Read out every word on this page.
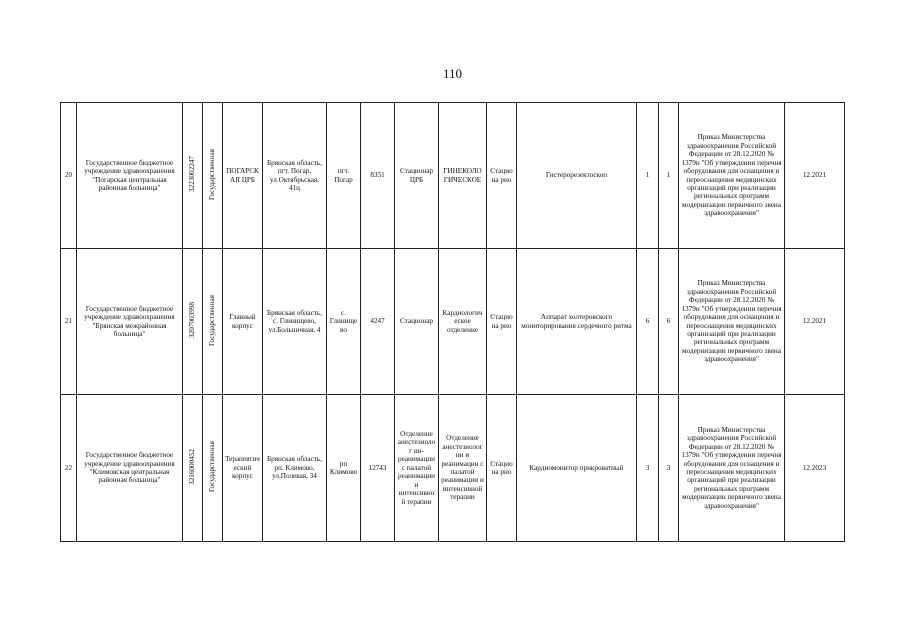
110
20	Государственное бюджетное учреждение здравоохранения "Погарская центральная районная больница"	3223002247	Государственная	ПОГАРСК АЯ ЦРБ	Брянская область, пгт. Погар, ул.Октябрьская, 41ц	пгт. Погар	8351	Стационар ЦРБ	ГИНЕКОЛО ГИЧЕСКОЕ	Стациона рно	Гистерорезектоскоп	1	1	Приказ Министерства здравоохранения Российской Федерации от 28.12.2020 № 1379н "Об утверждении перечня оборудования для оснащения и переоснащения медицинских организаций при реализации региональных программ модернизации первичного звена здравоохранения"	12.2021
21	Государственное бюджетное учреждение здравоохранения "Брянская межрайонная больница"	3207003998	Государственная	Главный корпус	Брянская область, с. Глинищево, ул.Больничная, 4	с. Глинище во	4247	Стационар	Кардиологич еское отделение	Стациона рно	Аппарат холтеровского мониторирования сердечного ритма	6	6	Приказ Министерства здравоохранения Российской Федерации от 28.12.2020 № 1379н "Об утверждении перечня оборудования для оснащения и переоснащения медицинских организаций при реализации региональных программ модернизации первичного звена здравоохранения"	12.2021
22	Государственное бюджетное учреждение здравоохранения "Климовская центральная районная больница"	3216000452	Государственная	Терапевтич еский корпус	Брянская область, рп. Климово, ул.Полевая, 34	рп Климово	12743	Отделение анестезиолог ии-реанимации с палатой реанимации и интенсивной терапии	Отделение анестезиолог ии и реанимации с палатой реанимации и интенсивной терапии	Стациона рно	Кардиомонитор прикроватный	3	3	Приказ Министерства здравоохранения Российской Федерации от 28.12.2020 № 1379н "Об утверждении перечня оборудования для оснащения и переоснащения медицинских организаций при реализации региональных программ модернизации первичного звена здравоохранения"	12.2023
